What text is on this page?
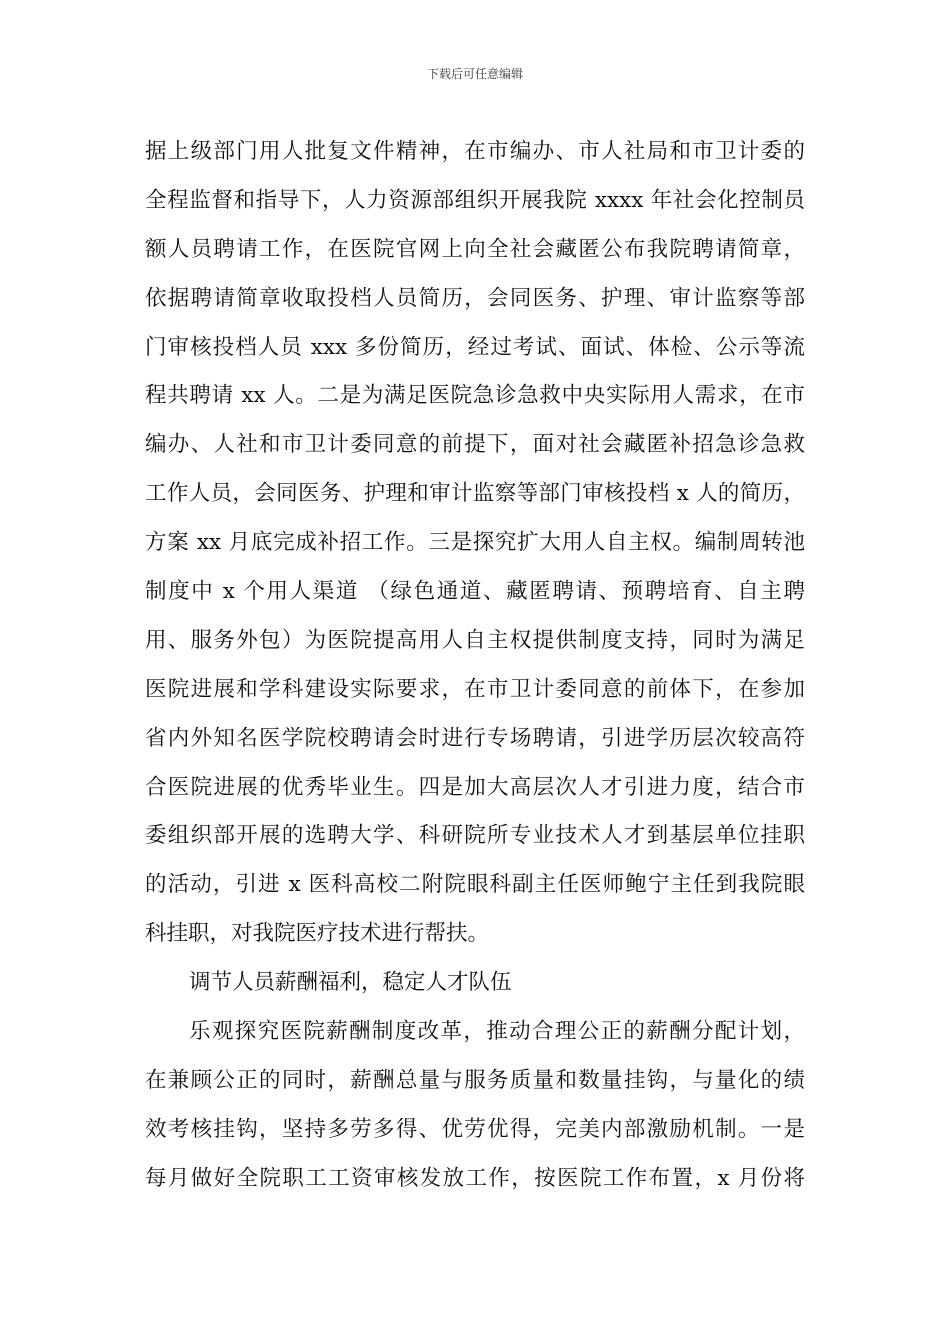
下载后可任意编辑
据上级部门用人批复文件精神，在市编办、市人社局和市卫计委的
全程监督和指导下，人力资源部组织开展我院 xxxx 年社会化控制员
额人员聘请工作，在医院官网上向全社会藏匿公布我院聘请简章，
依据聘请简章收取投档人员简历，会同医务、护理、审计监察等部
门审核投档人员 xxx 多份简历，经过考试、面试、体检、公示等流
程共聘请 xx 人。二是为满足医院急诊急救中央实际用人需求，在市
编办、人社和市卫计委同意的前提下，面对社会藏匿补招急诊急救
工作人员，会同医务、护理和审计监察等部门审核投档 x 人的简历，
方案 xx 月底完成补招工作。三是探究扩大用人自主权。编制周转池
制度中 x 个用人渠道 （绿色通道、藏匿聘请、预聘培育、自主聘
用、服务外包）为医院提高用人自主权提供制度支持，同时为满足
医院进展和学科建设实际要求，在市卫计委同意的前体下，在参加
省内外知名医学院校聘请会时进行专场聘请，引进学历层次较高符
合医院进展的优秀毕业生。四是加大高层次人才引进力度，结合市
委组织部开展的选聘大学、科研院所专业技术人才到基层单位挂职
的活动，引进 x 医科高校二附院眼科副主任医师鲍宁主任到我院眼
科挂职，对我院医疗技术进行帮扶。
调节人员薪酬福利，稳定人才队伍
乐观探究医院薪酬制度改革，推动合理公正的薪酬分配计划，
在兼顾公正的同时，薪酬总量与服务质量和数量挂钩，与量化的绩
效考核挂钩，坚持多劳多得、优劳优得，完美内部激励机制。一是
每月做好全院职工工资审核发放工作，按医院工作布置，x 月份将
